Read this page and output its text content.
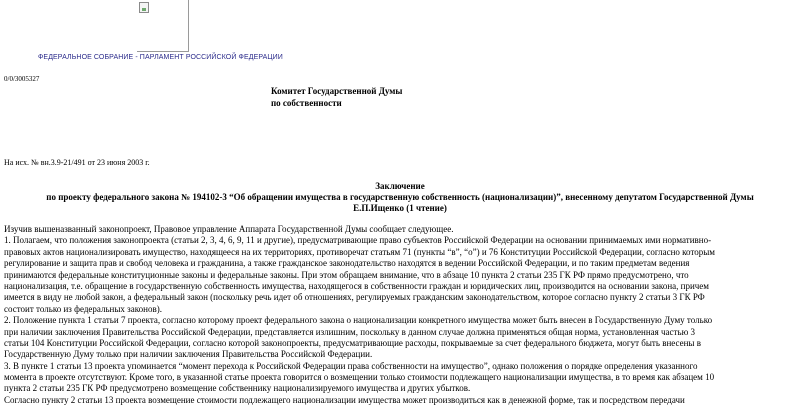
ФЕДЕРАЛЬНОЕ СОБРАНИЕ - ПАРЛАМЕНТ РОССИЙСКОЙ ФЕДЕРАЦИИ
0/0/3005327
Комитет Государственной Думы
по собственности
На исх. № вн.3.9-21/491 от 23 июня 2003 г.
Заключение
по проекту федерального закона № 194102-3 “Об обращении имущества в государственную собственность (национализации)”, внесенному депутатом Государственной Думы
Е.П.Ищенко (1 чтение)
Изучив вышеназванный законопроект, Правовое управление Аппарата Государственной Думы сообщает следующее.
1. Полагаем, что положения законопроекта (статьи 2, 3, 4, 6, 9, 11 и другие), предусматривающие право субъектов Российской Федерации на основании принимаемых ими нормативно-
правовых актов национализировать имущество, находящееся на их территориях, противоречат статьям 71 (пункты “в”, “о”) и 76 Конституции Российской Федерации, согласно которым
регулирование и защита прав и свобод человека и гражданина, а также гражданское законодательство находятся в ведении Российской Федерации, и по таким предметам ведения
принимаются федеральные конституционные законы и федеральные законы. При этом обращаем внимание, что в абзаце 10 пункта 2 статьи 235 ГК РФ прямо предусмотрено, что
национализация, т.е. обращение в государственную собственность имущества, находящегося в собственности граждан и юридических лиц, производится на основании закона, причем
имеется в виду не любой закон, а федеральный закон (поскольку речь идет об отношениях, регулируемых гражданским законодательством, которое согласно пункту 2 статьи 3 ГК РФ
состоит только из федеральных законов).
2. Положение пункта 1 статьи 7 проекта, согласно которому проект федерального закона о национализации конкретного имущества может быть внесен в Государственную Думу только
при наличии заключения Правительства Российской Федерации, представляется излишним, поскольку в данном случае должна применяться общая норма, установленная частью 3
статьи 104 Конституции Российской Федерации, согласно которой законопроекты, предусматривающие расходы, покрываемые за счет федерального бюджета, могут быть внесены в
Государственную Думу только при наличии заключения Правительства Российской Федерации.
3. В пункте 1 статьи 13 проекта упоминается “момент перехода к Российской Федерации права собственности на имущество”, однако положения о порядке определения указанного
момента в проекте отсутствуют. Кроме того, в указанной статье проекта говорится о возмещении только стоимости подлежащего национализации имущества, в то время как абзацем 10
пункта 2 статьи 235 ГК РФ предусмотрено возмещение собственнику национализируемого имущества и других убытков.
Согласно пункту 2 статьи 13 проекта возмещение стоимости подлежащего национализации имущества может производиться как в денежной форме, так и посредством передачи
